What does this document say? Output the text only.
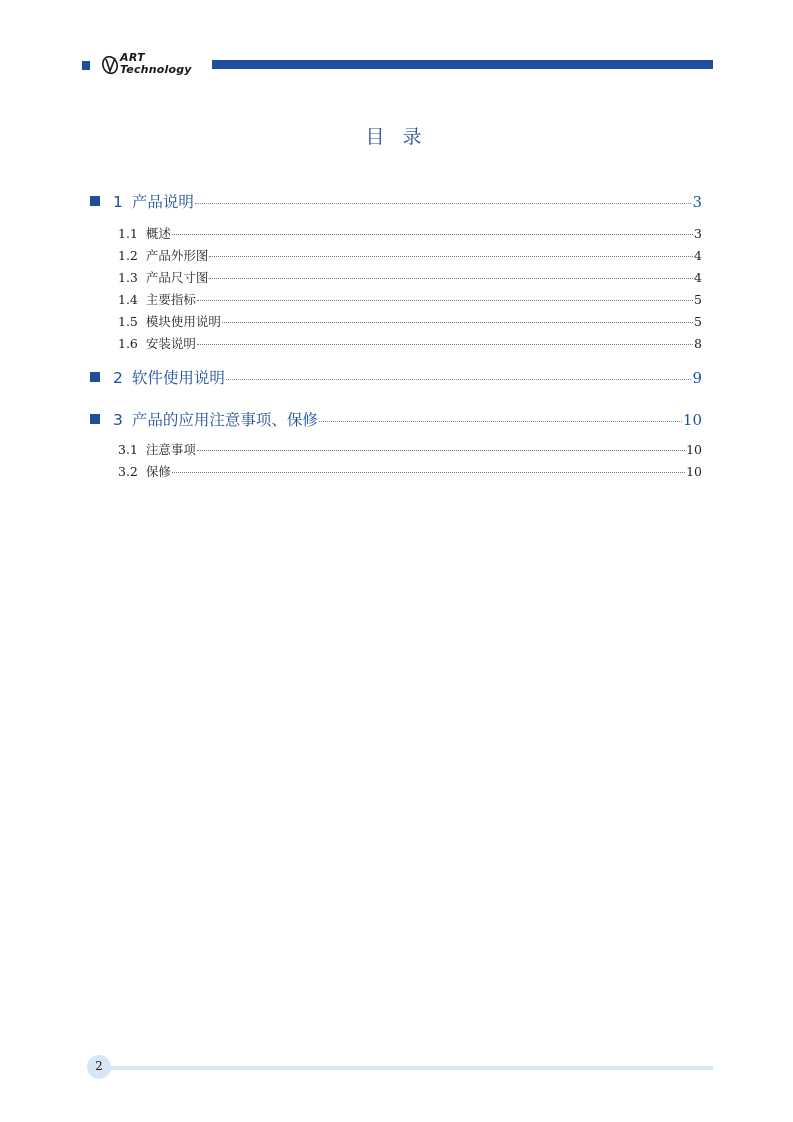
ART
Technology
目 录
1 产品说明	3
1.1 概述	3
1.2 产品外形图	4
1.3 产品尺寸图	4
1.4 主要指标	5
1.5 模块使用说明	5
1.6 安装说明	8
2 软件使用说明	9
3 产品的应用注意事项、保修	10
3.1 注意事项	10
3.2 保修	10
2
